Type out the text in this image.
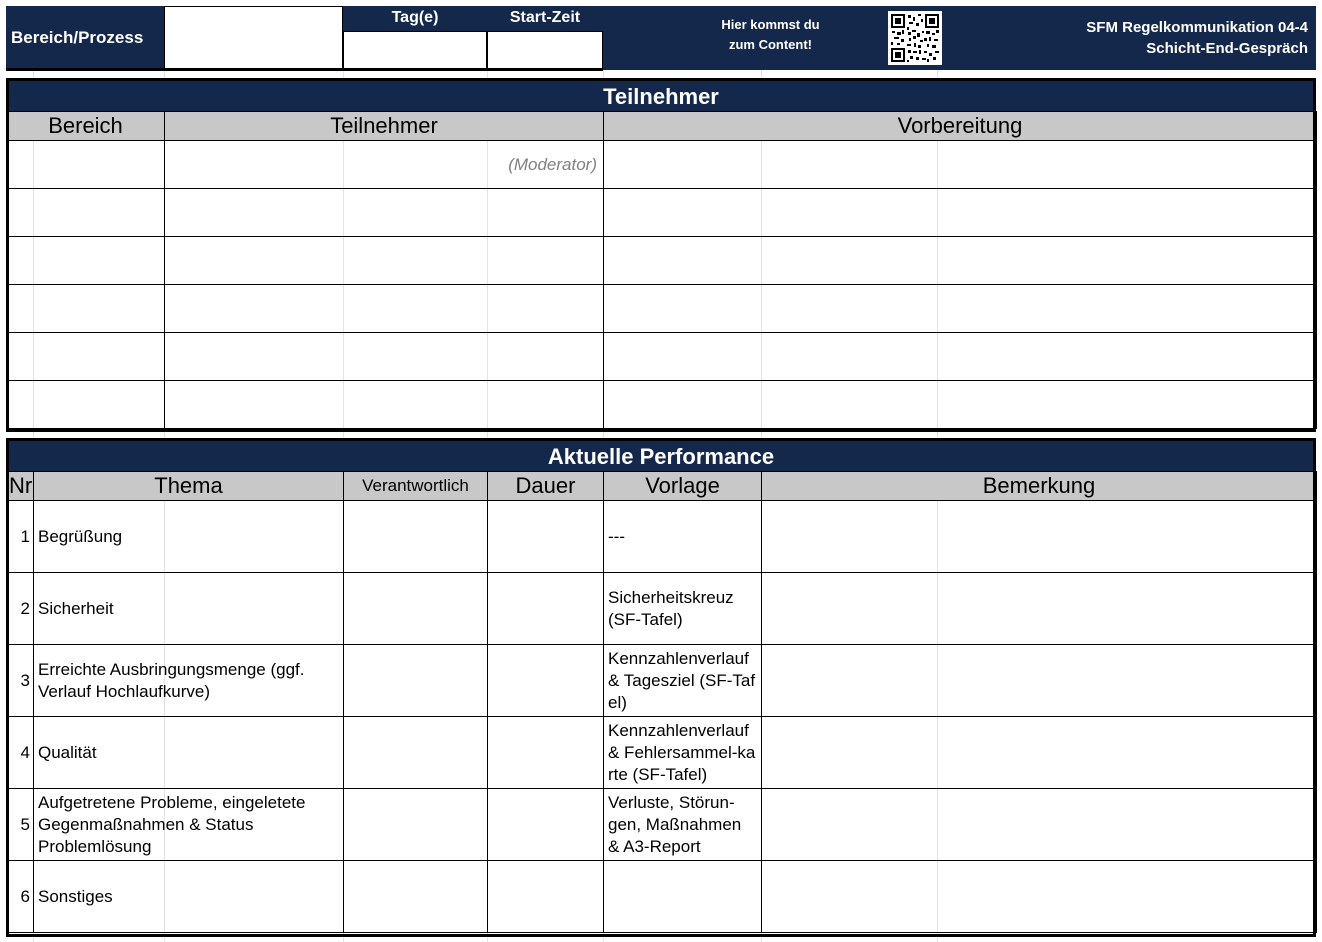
Bereich/Prozess
Tag(e)	Start-Zeit	Hier kommst du
zum Content!
SFM Regelkommunikation 04-4
Schicht-End-Gespräch
Teilnehmer
Bereich	Teilnehmer	Vorbereitung
	(Moderator)	

Aktuelle Performance
Nr	Thema	Verantwortlich	Dauer	Vorlage	Bemerkung
1	Begrüßung			---	
2	Sicherheit			Sicherheitskreuz (SF-Tafel)	
3	Erreichte Ausbringungsmenge (ggf. Verlauf Hochlaufkurve)			Kennzahlenverlauf & Tagesziel (SF-Tafel)	
4	Qualität			Kennzahlenverlauf & Fehlersammel-karte (SF-Tafel)	
5	Aufgetretene Probleme, eingeletete Gegenmaßnahmen & Status Problemlösung			Verluste, Störun-gen, Maßnahmen & A3-Report	
6	Sonstiges				
